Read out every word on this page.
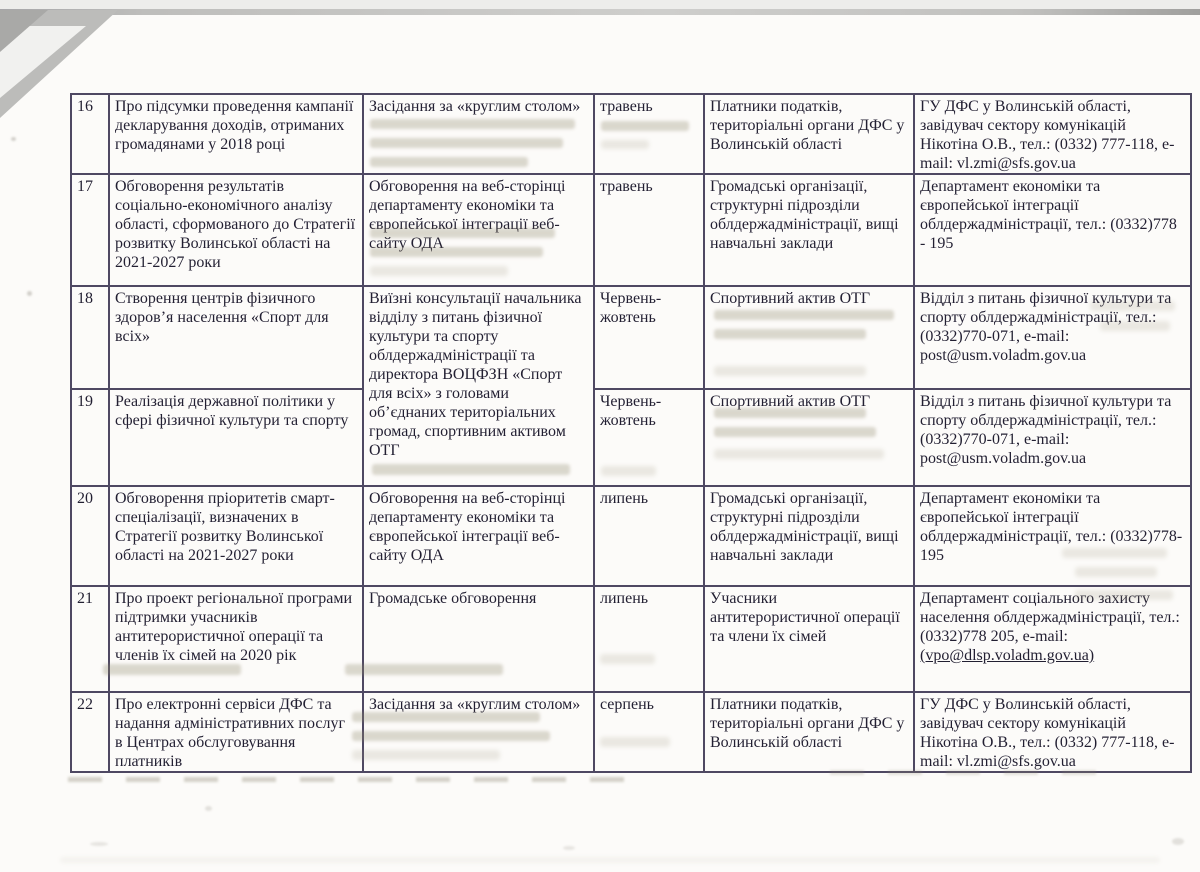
16	Про підсумки проведення кампанії декларування доходів, отриманих громадянами у 2018 році	Засідання за «круглим столом»	травень	Платники податків, територіальні органи ДФС у Волинській області	ГУ ДФС у Волинській області, завідувач сектору комунікацій Нікотіна О.В., тел.: (0332) 777-118, e-mail: vl.zmi@sfs.gov.ua
17	Обговорення результатів соціально-економічного аналізу області, сформованого до Стратегії розвитку Волинської області на 2021-2027 роки	Обговорення на веб-сторінці департаменту економіки та європейської інтеграції веб-сайту ОДА	травень	Громадські організації, структурні підрозділи облдержадміністрації, вищі навчальні заклади	Департамент економіки та європейської інтеграції облдержадміністрації, тел.: (0332)778 - 195
18	Створення центрів фізичного здоров’я населення «Спорт для всіх»	Виїзні консультації начальника відділу з питань фізичної культури та спорту облдержадміністрації та директора ВОЦФЗН «Спорт для всіх» з головами об’єднаних територіальних громад, спортивним активом ОТГ	Червень-жовтень	Спортивний актив ОТГ	Відділ з питань фізичної культури та спорту облдержадміністрації, тел.: (0332)770-071, e-mail: post@usm.voladm.gov.ua
19	Реалізація державної політики у сфері фізичної культури та спорту		Червень-жовтень	Спортивний актив ОТГ	Відділ з питань фізичної культури та спорту облдержадміністрації, тел.: (0332)770-071, e-mail: post@usm.voladm.gov.ua
20	Обговорення пріоритетів смарт-спеціалізації, визначених в Стратегії розвитку Волинської області на 2021-2027 роки	Обговорення на веб-сторінці департаменту економіки та європейської інтеграції веб-сайту ОДА	липень	Громадські організації, структурні підрозділи облдержадміністрації, вищі навчальні заклади	Департамент економіки та європейської інтеграції облдержадміністрації, тел.: (0332)778-195
21	Про проект регіональної програми підтримки учасників антитерористичної операції та членів їх сімей на 2020 рік	Громадське обговорення	липень	Учасники антитерористичної операції та члени їх сімей	Департамент соціального захисту населення облдержадміністрації, тел.: (0332)778 205, e-mail: (vpo@dlsp.voladm.gov.ua)
22	Про електронні сервіси ДФС та надання адміністративних послуг в Центрах обслуговування платників	Засідання за «круглим столом»	серпень	Платники податків, територіальні органи ДФС у Волинській області	ГУ ДФС у Волинській області, завідувач сектору комунікацій Нікотіна О.В., тел.: (0332) 777-118, e-mail: vl.zmi@sfs.gov.ua
